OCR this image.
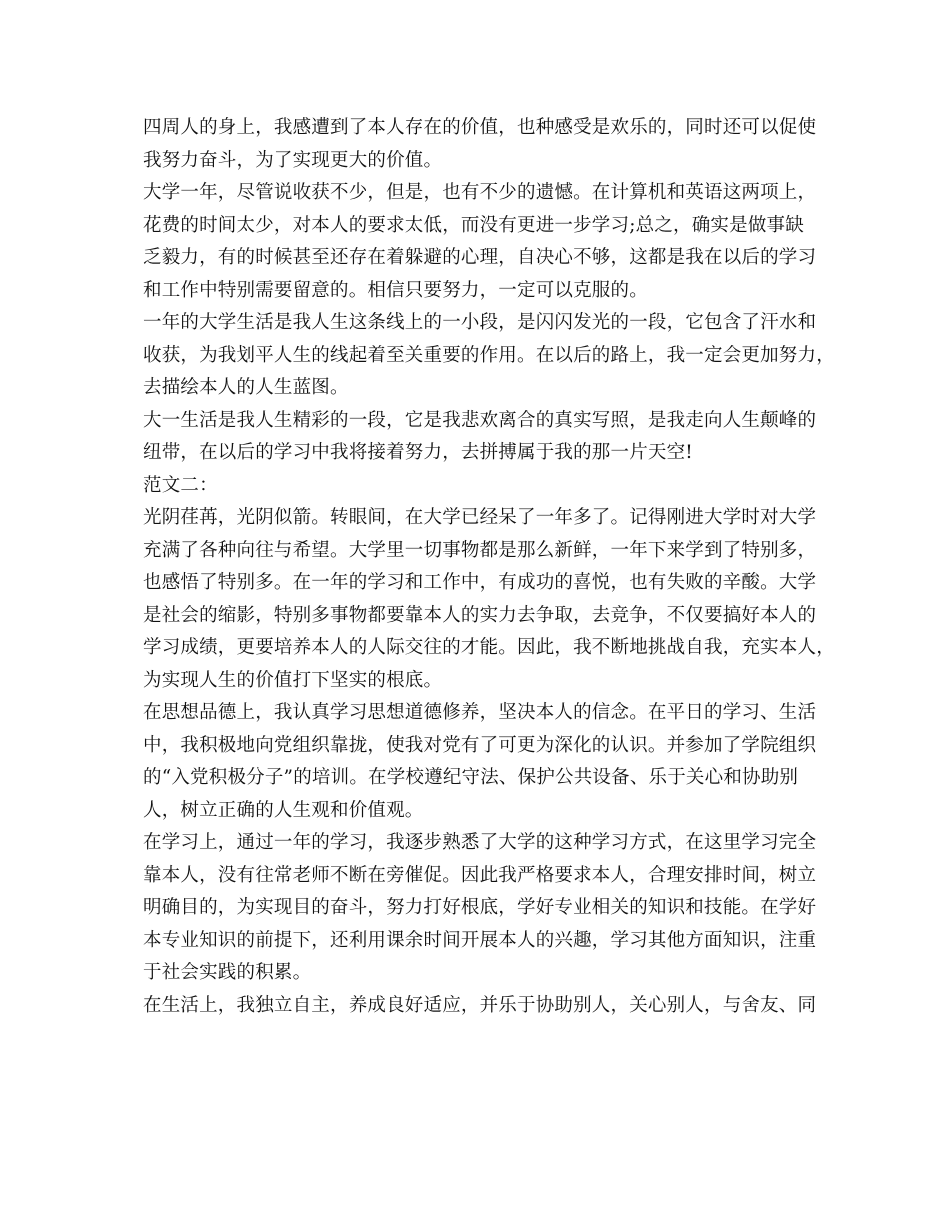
四周人的身上，我感遭到了本人存在的价值，也种感受是欢乐的，同时还可以促使
我努力奋斗，为了实现更大的价值。
大学一年，尽管说收获不少，但是，也有不少的遗憾。在计算机和英语这两项上，
花费的时间太少，对本人的要求太低，而没有更进一步学习;总之，确实是做事缺
乏毅力，有的时候甚至还存在着躲避的心理，自决心不够，这都是我在以后的学习
和工作中特别需要留意的。相信只要努力，一定可以克服的。
一年的大学生活是我人生这条线上的一小段，是闪闪发光的一段，它包含了汗水和
收获，为我划平人生的线起着至关重要的作用。在以后的路上，我一定会更加努力，
去描绘本人的人生蓝图。
大一生活是我人生精彩的一段，它是我悲欢离合的真实写照，是我走向人生颠峰的
纽带，在以后的学习中我将接着努力，去拼搏属于我的那一片天空!
范文二：
光阴荏苒，光阴似箭。转眼间，在大学已经呆了一年多了。记得刚进大学时对大学
充满了各种向往与希望。大学里一切事物都是那么新鲜，一年下来学到了特别多，
也感悟了特别多。在一年的学习和工作中，有成功的喜悦，也有失败的辛酸。大学
是社会的缩影，特别多事物都要靠本人的实力去争取，去竞争，不仅要搞好本人的
学习成绩，更要培养本人的人际交往的才能。因此，我不断地挑战自我，充实本人，
为实现人生的价值打下坚实的根底。
在思想品德上，我认真学习思想道德修养，坚决本人的信念。在平日的学习、生活
中，我积极地向党组织靠拢，使我对党有了可更为深化的认识。并参加了学院组织
的“入党积极分子”的培训。在学校遵纪守法、保护公共设备、乐于关心和协助别
人，树立正确的人生观和价值观。
在学习上，通过一年的学习，我逐步熟悉了大学的这种学习方式，在这里学习完全
靠本人，没有往常老师不断在旁催促。因此我严格要求本人，合理安排时间，树立
明确目的，为实现目的奋斗，努力打好根底，学好专业相关的知识和技能。在学好
本专业知识的前提下，还利用课余时间开展本人的兴趣，学习其他方面知识，注重
于社会实践的积累。
在生活上，我独立自主，养成良好适应，并乐于协助别人，关心别人，与舍友、同
